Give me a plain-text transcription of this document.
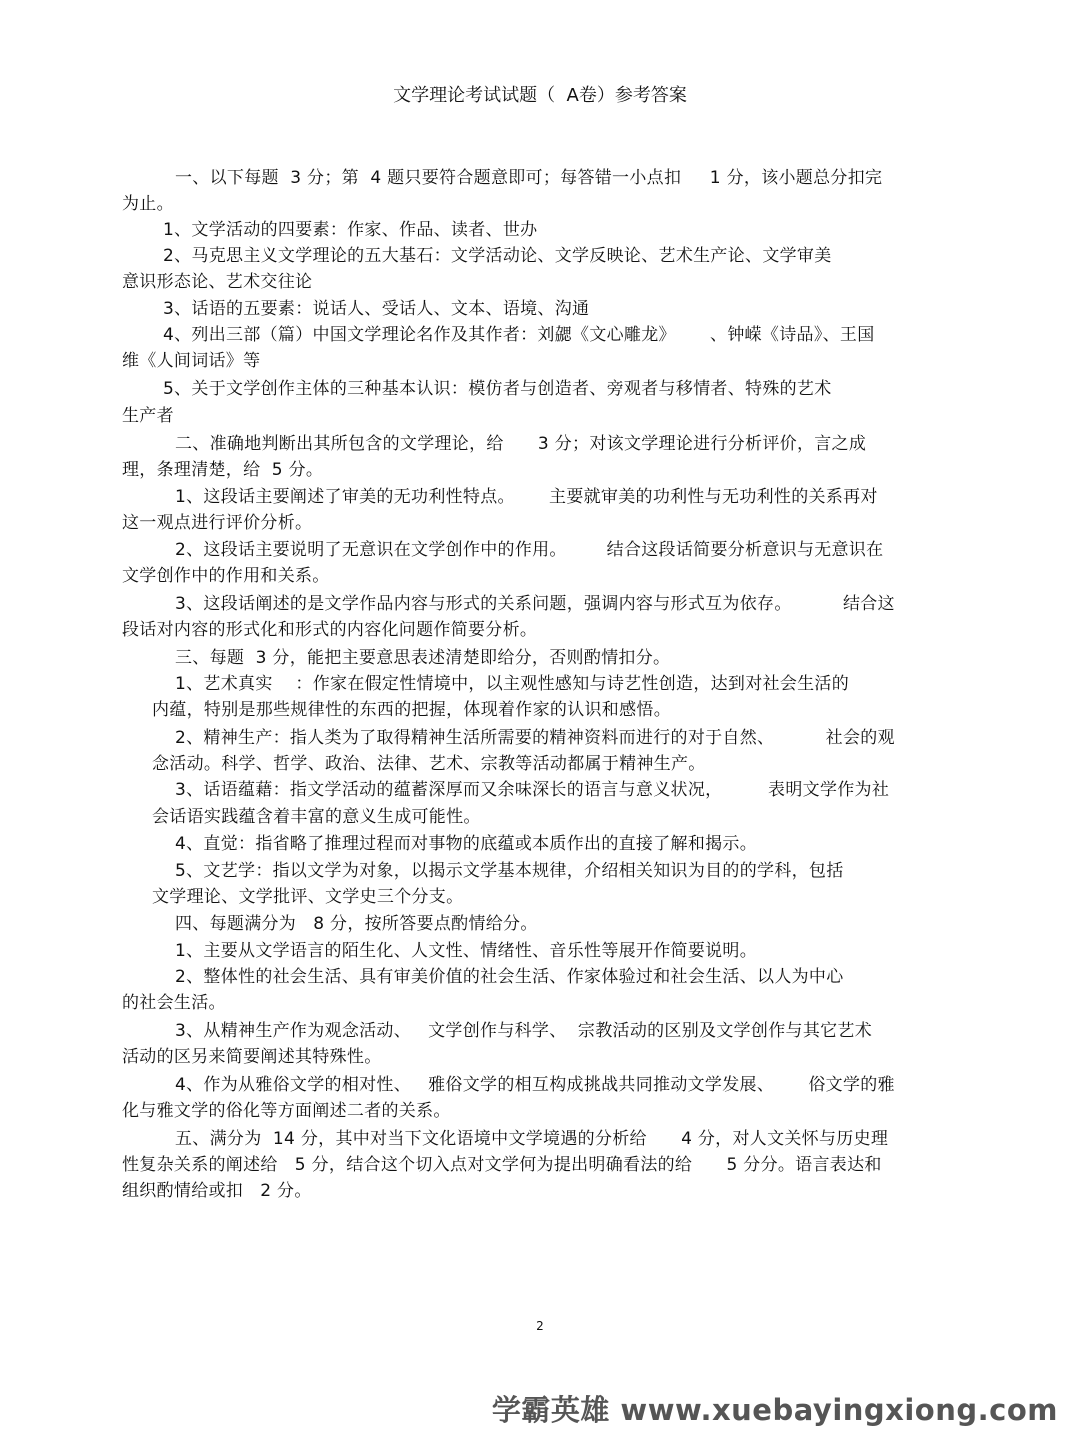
文学理论考试试题（  A卷）参考答案
一、以下每题  3 分；第  4 题只要符合题意即可；每答错一小点扣     1 分，该小题总分扣完
为止。
1、文学活动的四要素：作家、作品、读者、世办
2、马克思主义文学理论的五大基石：文学活动论、文学反映论、艺术生产论、文学审美
意识形态论、艺术交往论
3、话语的五要素：说话人、受话人、文本、语境、沟通
4、列出三部（篇）中国文学理论名作及其作者：刘勰《文心雕龙》      、钟嵘《诗品》、王国
维《人间词话》等
5、关于文学创作主体的三种基本认识：模仿者与创造者、旁观者与移情者、特殊的艺术
生产者
二、准确地判断出其所包含的文学理论，给      3 分；对该文学理论进行分析评价，言之成
理，条理清楚，给  5 分。
1、这段话主要阐述了审美的无功利性特点。      主要就审美的功利性与无功利性的关系再对
这一观点进行评价分析。
2、这段话主要说明了无意识在文学创作中的作用。       结合这段话简要分析意识与无意识在
文学创作中的作用和关系。
3、这段话阐述的是文学作品内容与形式的关系问题，强调内容与形式互为依存。         结合这
段话对内容的形式化和形式的内容化问题作简要分析。
三、每题  3 分，能把主要意思表述清楚即给分，否则酌情扣分。
1、艺术真实    ：作家在假定性情境中，以主观性感知与诗艺性创造，达到对社会生活的
内蕴，特别是那些规律性的东西的把握，体现着作家的认识和感悟。
2、精神生产：指人类为了取得精神生活所需要的精神资料而进行的对于自然、         社会的观
念活动。科学、哲学、政治、法律、艺术、宗教等活动都属于精神生产。
3、话语蕴藉：指文学活动的蕴蓄深厚而又余味深长的语言与意义状况，        表明文学作为社
会话语实践蕴含着丰富的意义生成可能性。
4、直觉：指省略了推理过程而对事物的底蕴或本质作出的直接了解和揭示。
5、文艺学：指以文学为对象，以揭示文学基本规律，介绍相关知识为目的的学科，包括
文学理论、文学批评、文学史三个分支。
四、每题满分为   8 分，按所答要点酌情给分。
1、主要从文学语言的陌生化、人文性、情绪性、音乐性等展开作简要说明。
2、整体性的社会生活、具有审美价值的社会生活、作家体验过和社会生活、以人为中心
的社会生活。
3、从精神生产作为观念活动、   文学创作与科学、  宗教活动的区别及文学创作与其它艺术
活动的区另来简要阐述其特殊性。
4、作为从雅俗文学的相对性、   雅俗文学的相互构成挑战共同推动文学发展、      俗文学的雅
化与雅文学的俗化等方面阐述二者的关系。
五、满分为  14 分，其中对当下文化语境中文学境遇的分析给      4 分，对人文关怀与历史理
性复杂关系的阐述给   5 分，结合这个切入点对文学何为提出明确看法的给      5 分分。语言表达和
组织酌情给或扣   2 分。
2
学霸英雄 www.xuebayingxiong.com
